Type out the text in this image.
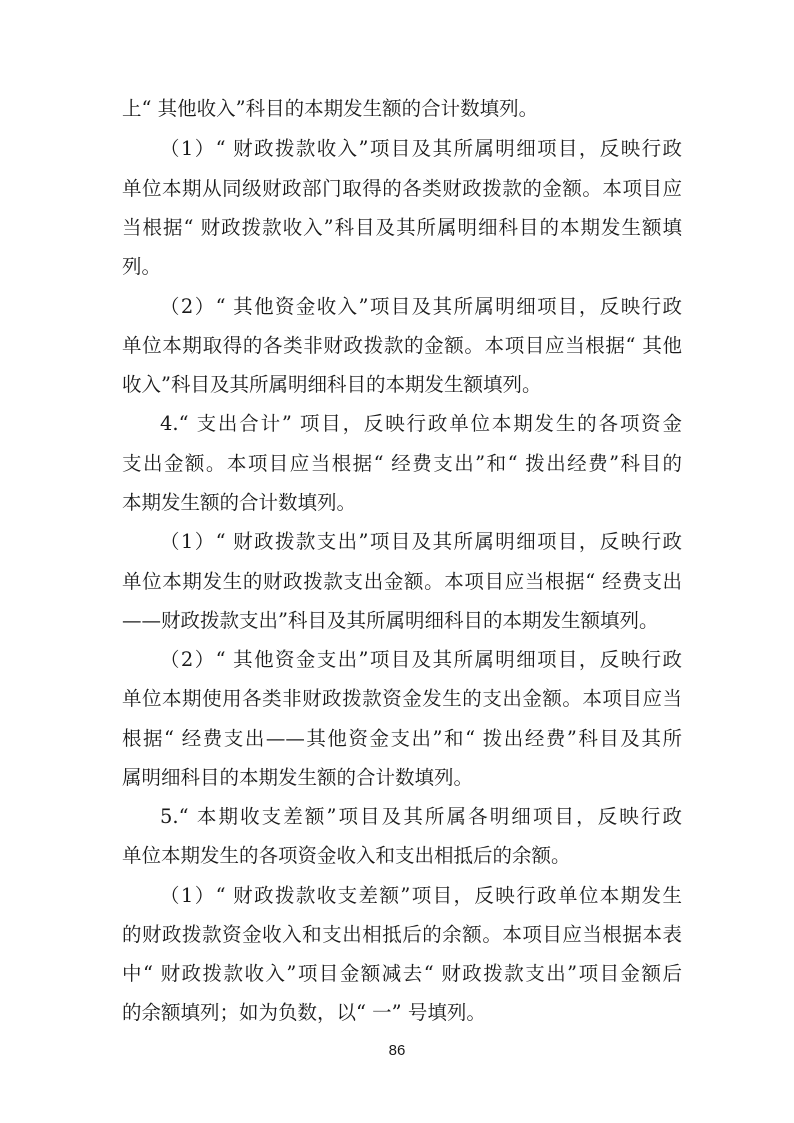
上“ 其他收入”科目的本期发生额的合计数填列。
（1）“ 财政拨款收入”项目及其所属明细项目，反映行政
单位本期从同级财政部门取得的各类财政拨款的金额。本项目应
当根据“ 财政拨款收入”科目及其所属明细科目的本期发生额填
列。
（2）“ 其他资金收入”项目及其所属明细项目，反映行政
单位本期取得的各类非财政拨款的金额。本项目应当根据“ 其他
收入”科目及其所属明细科目的本期发生额填列。
4.“ 支出合计” 项目，反映行政单位本期发生的各项资金
支出金额。本项目应当根据“ 经费支出”和“ 拨出经费”科目的
本期发生额的合计数填列。
（1）“ 财政拨款支出”项目及其所属明细项目，反映行政
单位本期发生的财政拨款支出金额。本项目应当根据“ 经费支出
——财政拨款支出”科目及其所属明细科目的本期发生额填列。
（2）“ 其他资金支出”项目及其所属明细项目，反映行政
单位本期使用各类非财政拨款资金发生的支出金额。本项目应当
根据“ 经费支出——其他资金支出”和“ 拨出经费”科目及其所
属明细科目的本期发生额的合计数填列。
5.“ 本期收支差额”项目及其所属各明细项目，反映行政
单位本期发生的各项资金收入和支出相抵后的余额。
（1）“ 财政拨款收支差额”项目，反映行政单位本期发生
的财政拨款资金收入和支出相抵后的余额。本项目应当根据本表
中“ 财政拨款收入”项目金额减去“ 财政拨款支出”项目金额后
的余额填列；如为负数，以“ 一” 号填列。
86
